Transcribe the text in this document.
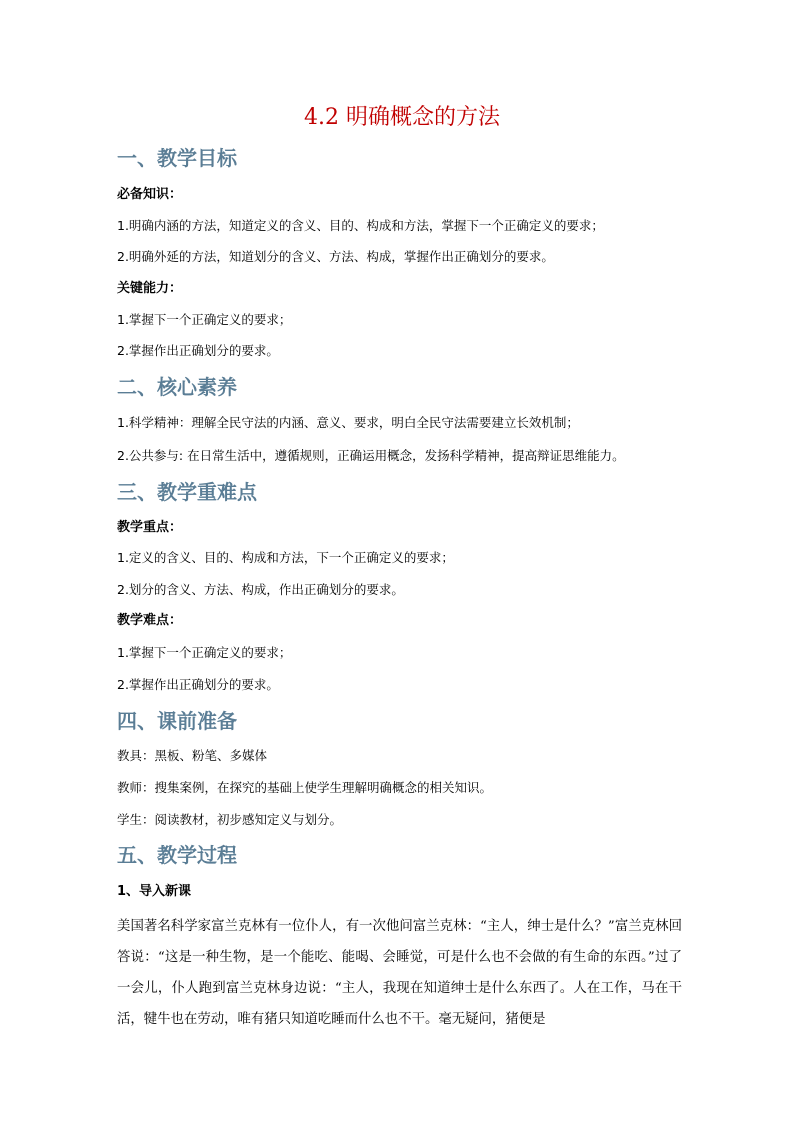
4.2 明确概念的方法
一、教学目标
必备知识：
1.明确内涵的方法，知道定义的含义、目的、构成和方法，掌握下一个正确定义的要求；
2.明确外延的方法，知道划分的含义、方法、构成，掌握作出正确划分的要求。
关键能力：
1.掌握下一个正确定义的要求；
2.掌握作出正确划分的要求。
二、核心素养
1.科学精神：理解全民守法的内涵、意义、要求，明白全民守法需要建立长效机制；
2.公共参与: 在日常生活中，遵循规则，正确运用概念，发扬科学精神，提高辩证思维能力。
三、教学重难点
教学重点：
1.定义的含义、目的、构成和方法，下一个正确定义的要求；
2.划分的含义、方法、构成，作出正确划分的要求。
教学难点：
1.掌握下一个正确定义的要求；
2.掌握作出正确划分的要求。
四、课前准备
教具：黑板、粉笔、多媒体
教师：搜集案例，在探究的基础上使学生理解明确概念的相关知识。
学生：阅读教材，初步感知定义与划分。
五、教学过程
1、导入新课
美国著名科学家富兰克林有一位仆人，有一次他问富兰克林：“主人，绅士是什么？”富兰克林回答说：“这是一种生物，是一个能吃、能喝、会睡觉，可是什么也不会做的有生命的东西。”过了一会儿，仆人跑到富兰克林身边说：“主人，我现在知道绅士是什么东西了。人在工作，马在干活，犍牛也在劳动，唯有猪只知道吃睡而什么也不干。毫无疑问，猪便是
